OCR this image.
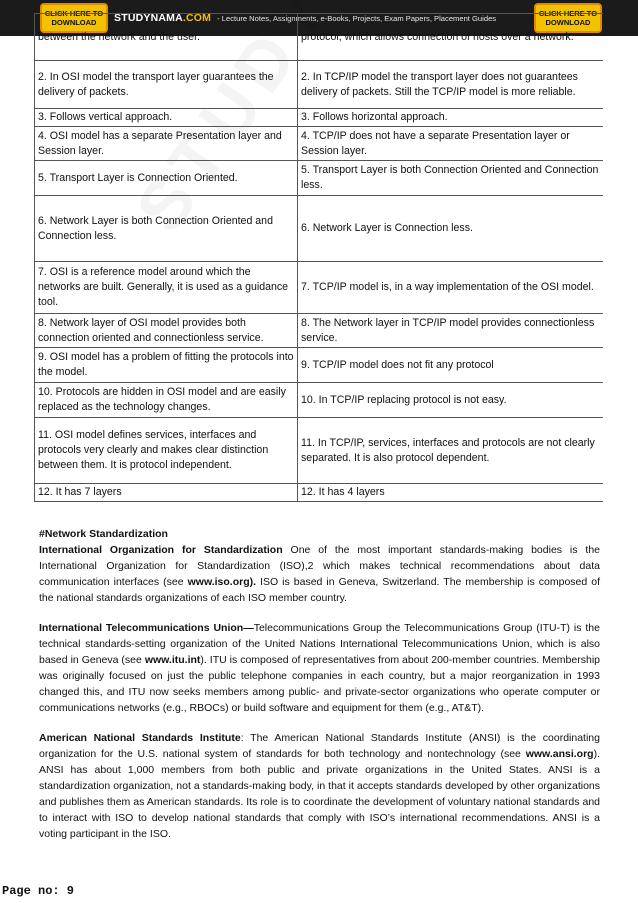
CLICK HERE TO
DOWNLOAD	STUDYNAMA.COM - Lecture Notes, Assignments, e-Books, Projects, Exam Papers, Placement Guides	CLICK HERE TO
DOWNLOAD
between the network and the user.	protocol, which allows connection of hosts over a network.
2. In OSI model the transport layer guarantees the delivery of packets.	2. In TCP/IP model the transport layer does not guarantees delivery of packets. Still the TCP/IP model is more reliable.
3. Follows vertical approach.	3. Follows horizontal approach.
4. OSI model has a separate Presentation layer and Session layer.	4. TCP/IP does not have a separate Presentation layer or Session layer.
5. Transport Layer is Connection Oriented.	5. Transport Layer is both Connection Oriented and Connection less.
6. Network Layer is both Connection Oriented and Connection less.	6. Network Layer is Connection less.
7. OSI is a reference model around which the networks are built. Generally, it is used as a guidance tool.	7. TCP/IP model is, in a way implementation of the OSI model.
8. Network layer of OSI model provides both connection oriented and connectionless service.	8. The Network layer in TCP/IP model provides connectionless service.
9. OSI model has a problem of fitting the protocols into the model.	9. TCP/IP model does not fit any protocol
10. Protocols are hidden in OSI model and are easily replaced as the technology changes.	10. In TCP/IP replacing protocol is not easy.
11. OSI model defines services, interfaces and protocols very clearly and makes clear distinction between them. It is protocol independent.	11. In TCP/IP, services, interfaces and protocols are not clearly separated. It is also protocol dependent.
12. It has 7 layers	12. It has 4 layers

#Network Standardization

International Organization for Standardization One of the most important standards-making bodies is the International Organization for Standardization (ISO),2 which makes technical recommendations about data communication interfaces (see www.iso.org). ISO is based in Geneva, Switzerland. The membership is composed of the national standards organizations of each ISO member country.

International Telecommunications Union—Telecommunications Group the Telecommunications Group (ITU-T) is the technical standards-setting organization of the United Nations International Telecommunications Union, which is also based in Geneva (see www.itu.int). ITU is composed of representatives from about 200-member countries. Membership was originally focused on just the public telephone companies in each country, but a major reorganization in 1993 changed this, and ITU now seeks members among public- and private-sector organizations who operate computer or communications networks (e.g., RBOCs) or build software and equipment for them (e.g., AT&T).

American National Standards Institute: The American National Standards Institute (ANSI) is the coordinating organization for the U.S. national system of standards for both technology and nontechnology (see www.ansi.org). ANSI has about 1,000 members from both public and private organizations in the United States. ANSI is a standardization organization, not a standards-making body, in that it accepts standards developed by other organizations and publishes them as American standards. Its role is to coordinate the development of voluntary national standards and to interact with ISO to develop national standards that comply with ISO’s international recommendations. ANSI is a voting participant in the ISO.

Page no: 9
